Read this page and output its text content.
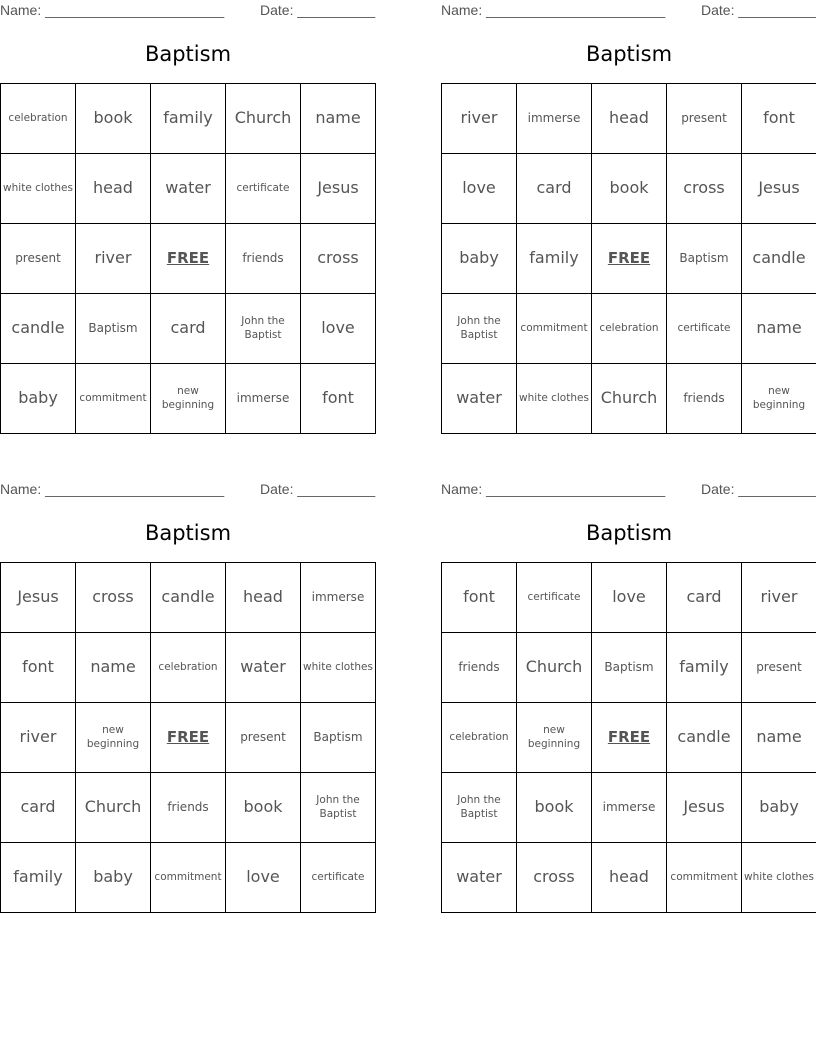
Name: _______________________	Date: __________
Baptism
celebration	book	family	Church	name
white clothes	head	water	certificate	Jesus
present	river	FREE	friends	cross
candle	Baptism	card	John the Baptist	love
baby	commitment	new beginning	immerse	font
Name: _______________________	Date: __________
Baptism
river	immerse	head	present	font
love	card	book	cross	Jesus
baby	family	FREE	Baptism	candle
John the Baptist	commitment	celebration	certificate	name
water	white clothes	Church	friends	new beginning
Name: _______________________	Date: __________
Baptism
Jesus	cross	candle	head	immerse
font	name	celebration	water	white clothes
river	new beginning	FREE	present	Baptism
card	Church	friends	book	John the Baptist
family	baby	commitment	love	certificate
Name: _______________________	Date: __________
Baptism
font	certificate	love	card	river
friends	Church	Baptism	family	present
celebration	new beginning	FREE	candle	name
John the Baptist	book	immerse	Jesus	baby
water	cross	head	commitment	white clothes
